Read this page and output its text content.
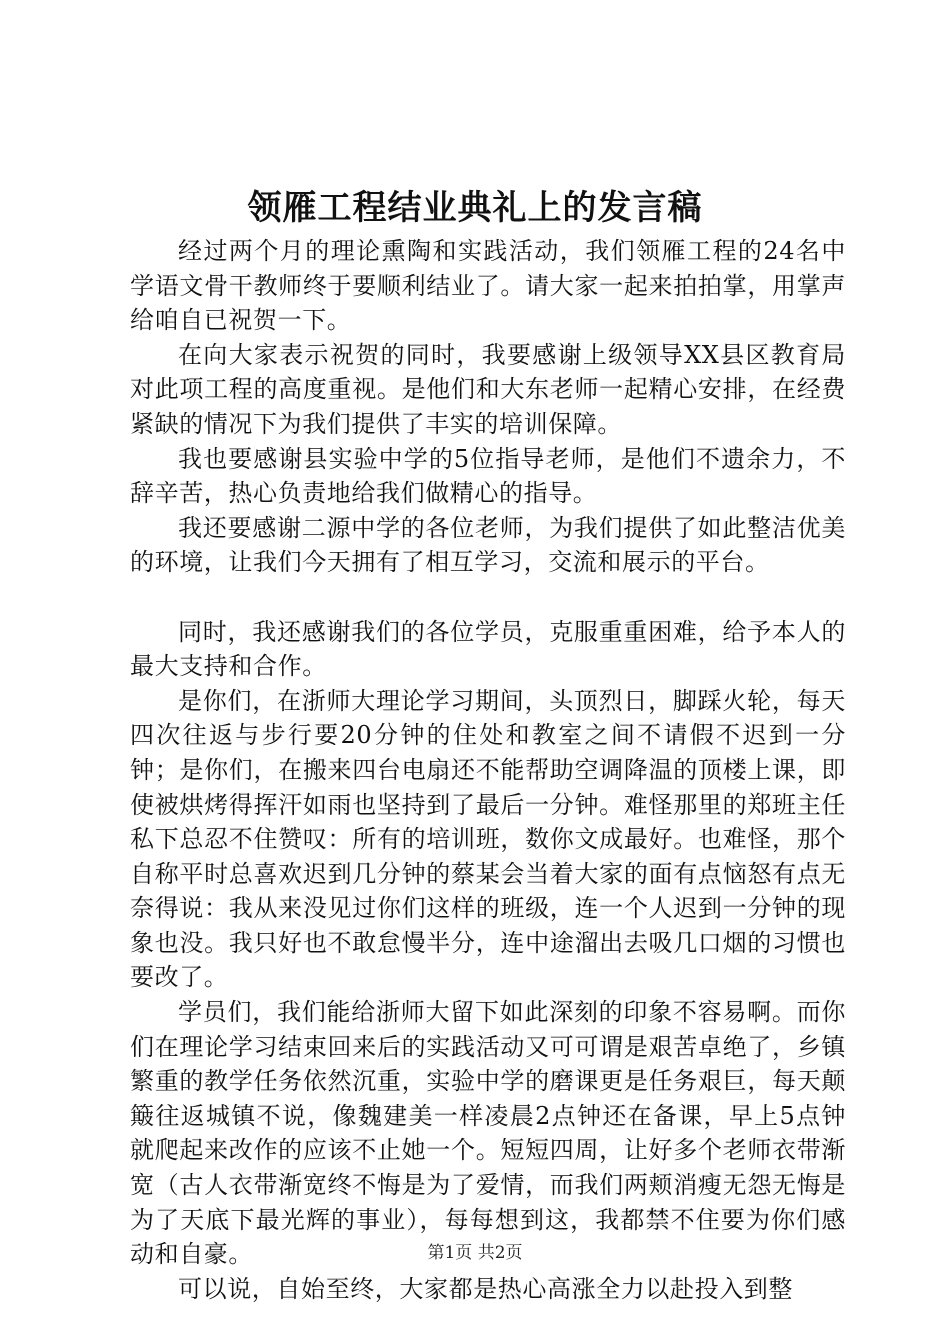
领雁工程结业典礼上的发言稿

经过两个月的理论熏陶和实践活动，我们领雁工程的24名中学语文骨干教师终于要顺利结业了。请大家一起来拍拍掌，用掌声给咱自已祝贺一下。

在向大家表示祝贺的同时，我要感谢上级领导XX县区教育局对此项工程的高度重视。是他们和大东老师一起精心安排，在经费紧缺的情况下为我们提供了丰实的培训保障。

我也要感谢县实验中学的5位指导老师，是他们不遗余力，不辞辛苦，热心负责地给我们做精心的指导。

我还要感谢二源中学的各位老师，为我们提供了如此整洁优美的环境，让我们今天拥有了相互学习，交流和展示的平台。

同时，我还感谢我们的各位学员，克服重重困难，给予本人的最大支持和合作。

是你们，在浙师大理论学习期间，头顶烈日，脚踩火轮，每天四次往返与步行要20分钟的住处和教室之间不请假不迟到一分钟；是你们，在搬来四台电扇还不能帮助空调降温的顶楼上课，即使被烘烤得挥汗如雨也坚持到了最后一分钟。难怪那里的郑班主任私下总忍不住赞叹：所有的培训班，数你文成最好。也难怪，那个自称平时总喜欢迟到几分钟的蔡某会当着大家的面有点恼怒有点无奈得说：我从来没见过你们这样的班级，连一个人迟到一分钟的现象也没。我只好也不敢怠慢半分，连中途溜出去吸几口烟的习惯也要改了。

学员们，我们能给浙师大留下如此深刻的印象不容易啊。而你们在理论学习结束回来后的实践活动又可可谓是艰苦卓绝了，乡镇繁重的教学任务依然沉重，实验中学的磨课更是任务艰巨，每天颠簸往返城镇不说，像魏建美一样凌晨2点钟还在备课，早上5点钟就爬起来改作的应该不止她一个。短短四周，让好多个老师衣带渐宽（古人衣带渐宽终不悔是为了爱情，而我们两颊消瘦无怨无悔是为了天底下最光辉的事业），每每想到这，我都禁不住要为你们感动和自豪。

可以说，自始至终，大家都是热心高涨全力以赴投入到整

第1页 共2页
